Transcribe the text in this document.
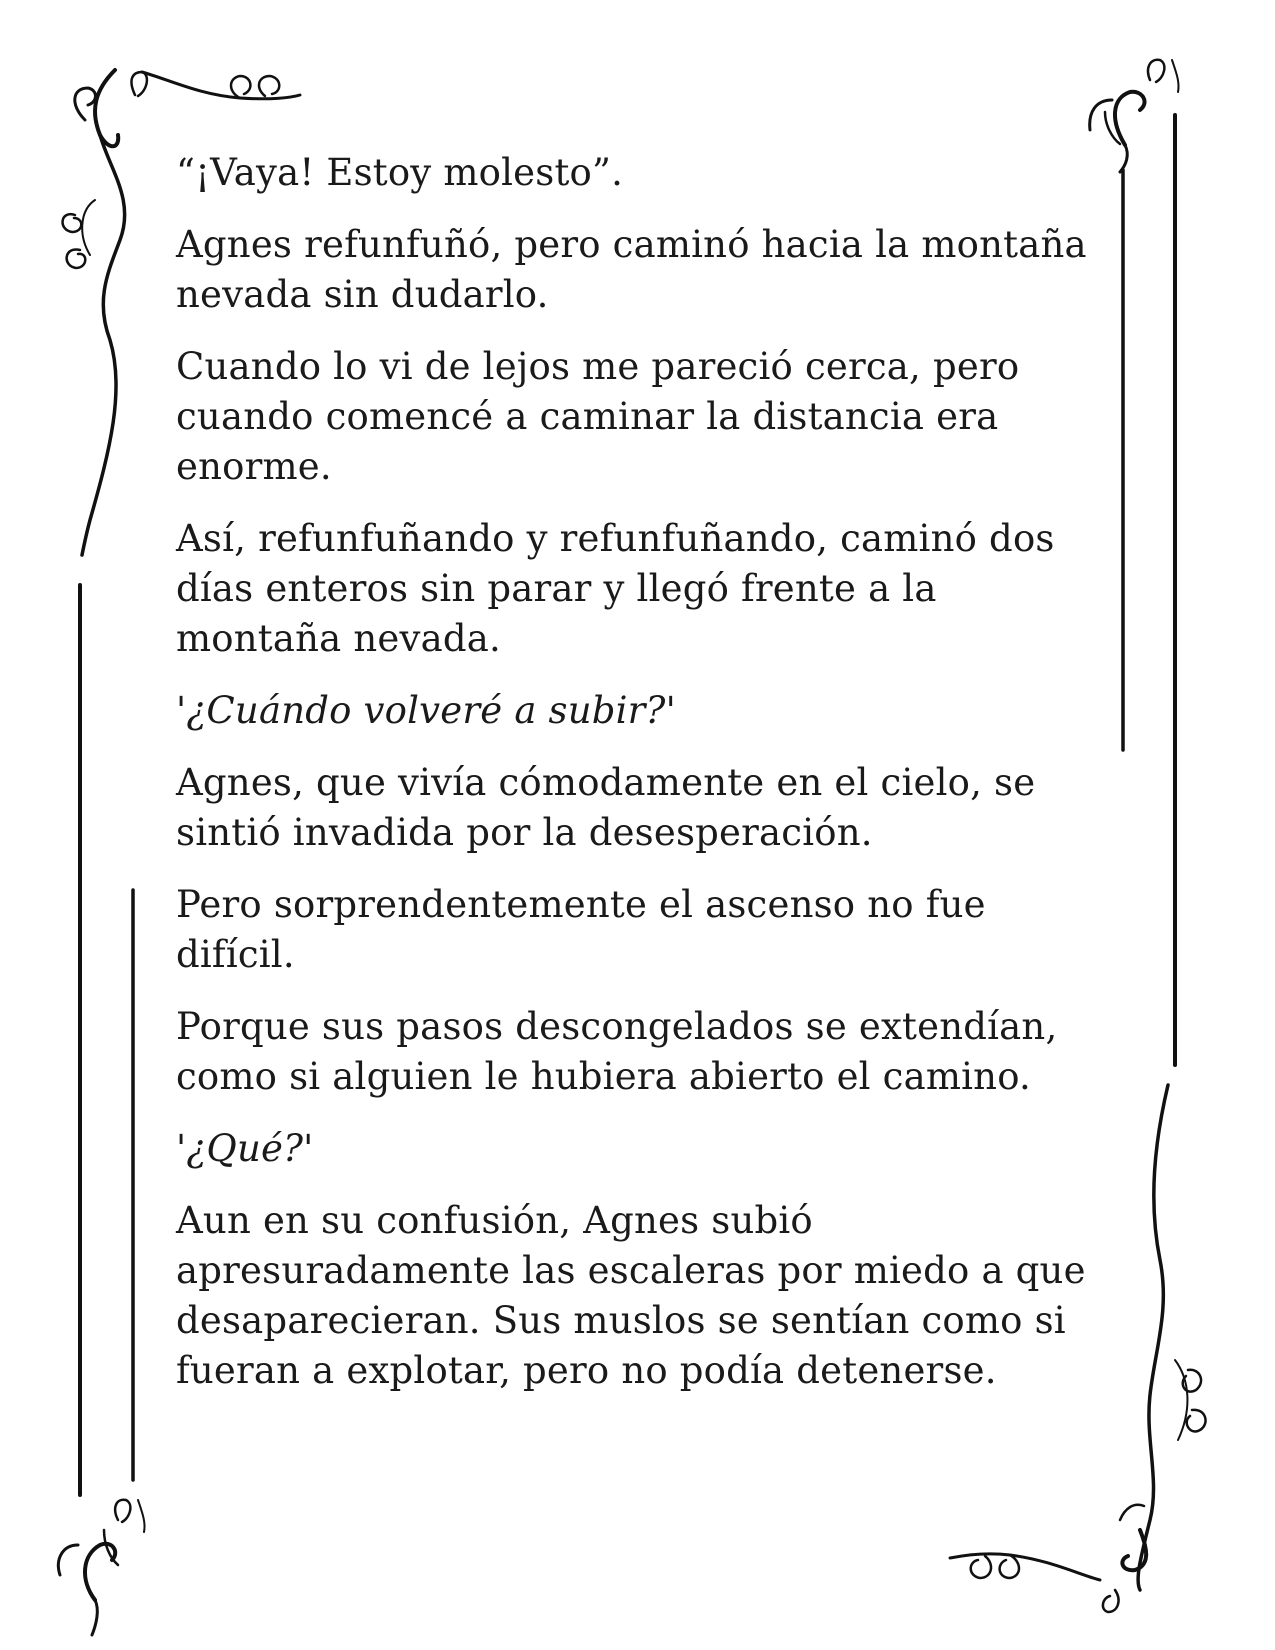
“¡Vaya! Estoy molesto”.

Agnes refunfuñó, pero caminó hacia la montaña nevada sin dudarlo.

Cuando lo vi de lejos me pareció cerca, pero cuando comencé a caminar la distancia era enorme.

Así, refunfuñando y refunfuñando, caminó dos días enteros sin parar y llegó frente a la montaña nevada.

'¿Cuándo volveré a subir?'

Agnes, que vivía cómodamente en el cielo, se sintió invadida por la desesperación.

Pero sorprendentemente el ascenso no fue difícil.

Porque sus pasos descongelados se extendían, como si alguien le hubiera abierto el camino.

'¿Qué?'

Aun en su confusión, Agnes subió apresuradamente las escaleras por miedo a que desaparecieran. Sus muslos se sentían como si fueran a explotar, pero no podía detenerse.
